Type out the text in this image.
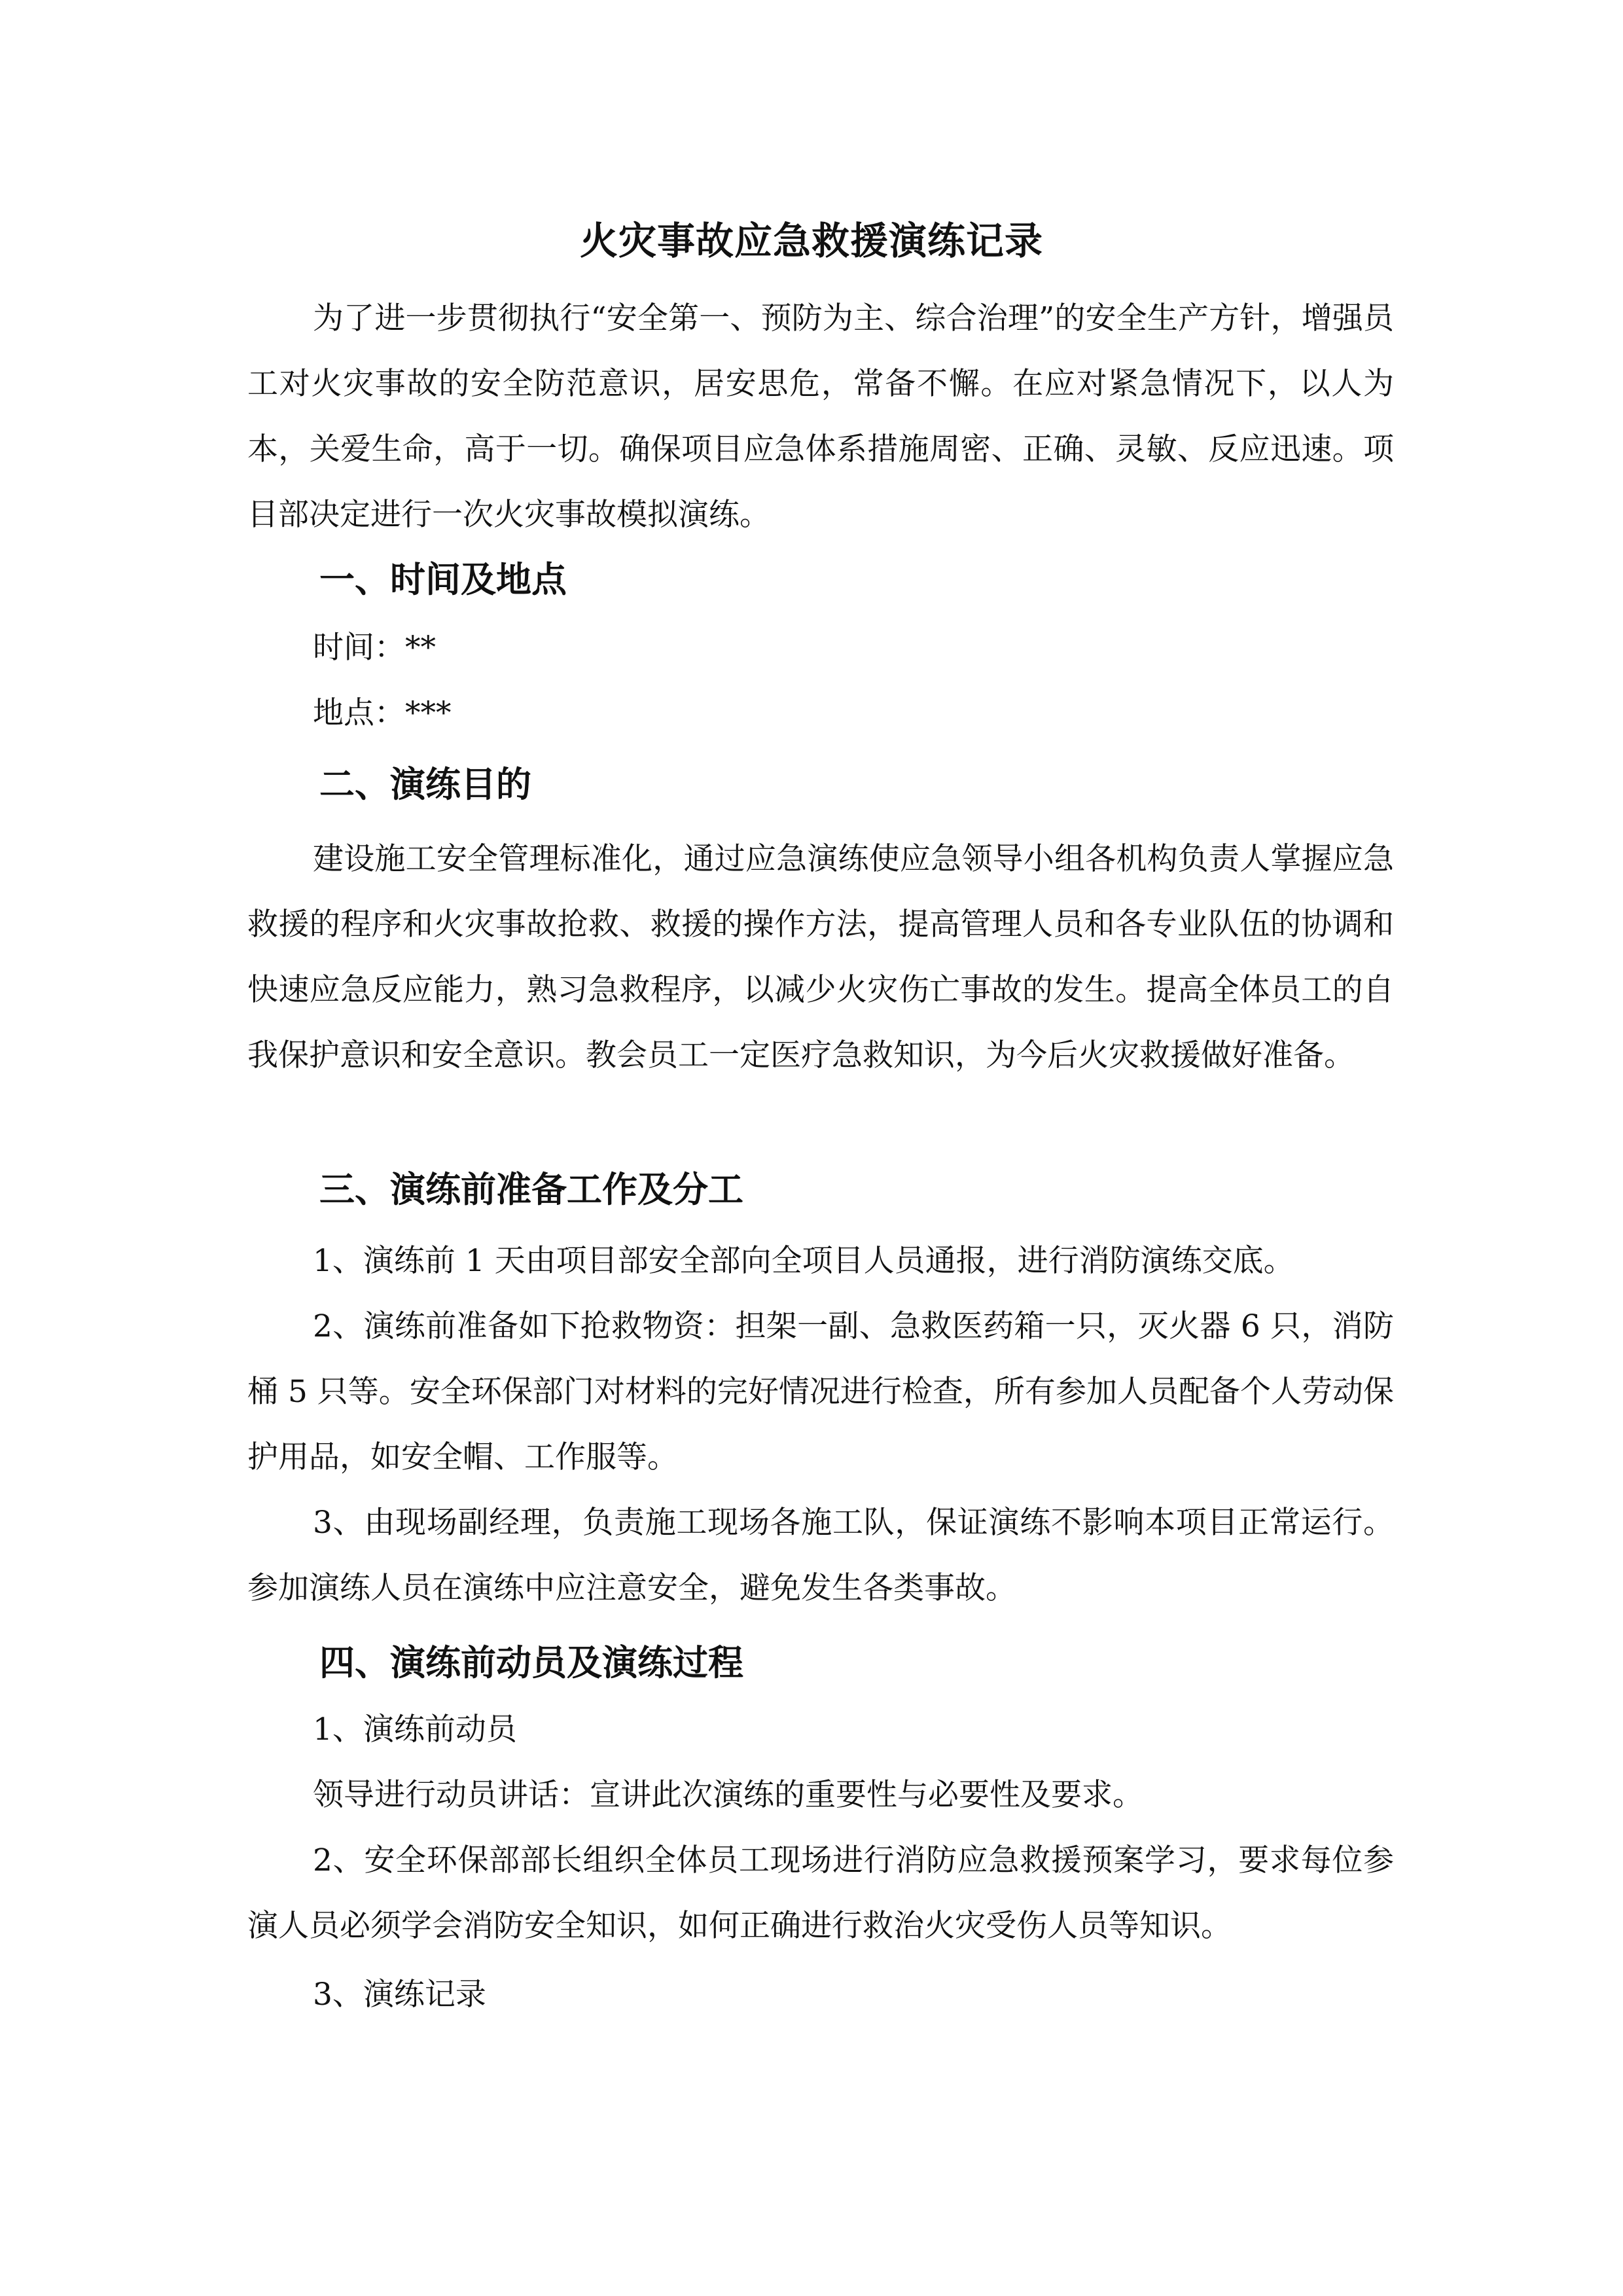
火灾事故应急救援演练记录

为了进一步贯彻执行“安全第一、预防为主、综合治理”的安全生产方针，增强员工对火灾事故的安全防范意识，居安思危，常备不懈。在应对紧急情况下，以人为本，关爱生命，高于一切。确保项目应急体系措施周密、正确、灵敏、反应迅速。项目部决定进行一次火灾事故模拟演练。

一、时间及地点

时间：**

地点：***

二、演练目的

建设施工安全管理标准化，通过应急演练使应急领导小组各机构负责人掌握应急救援的程序和火灾事故抢救、救援的操作方法，提高管理人员和各专业队伍的协调和快速应急反应能力，熟习急救程序，以减少火灾伤亡事故的发生。提高全体员工的自我保护意识和安全意识。教会员工一定医疗急救知识，为今后火灾救援做好准备。

三、演练前准备工作及分工

1、演练前 1 天由项目部安全部向全项目人员通报，进行消防演练交底。

2、演练前准备如下抢救物资：担架一副、急救医药箱一只，灭火器 6 只，消防桶 5 只等。安全环保部门对材料的完好情况进行检查，所有参加人员配备个人劳动保护用品，如安全帽、工作服等。

3、由现场副经理，负责施工现场各施工队，保证演练不影响本项目正常运行。参加演练人员在演练中应注意安全，避免发生各类事故。

四、演练前动员及演练过程

1、演练前动员

领导进行动员讲话：宣讲此次演练的重要性与必要性及要求。

2、安全环保部部长组织全体员工现场进行消防应急救援预案学习，要求每位参演人员必须学会消防安全知识，如何正确进行救治火灾受伤人员等知识。

3、演练记录
